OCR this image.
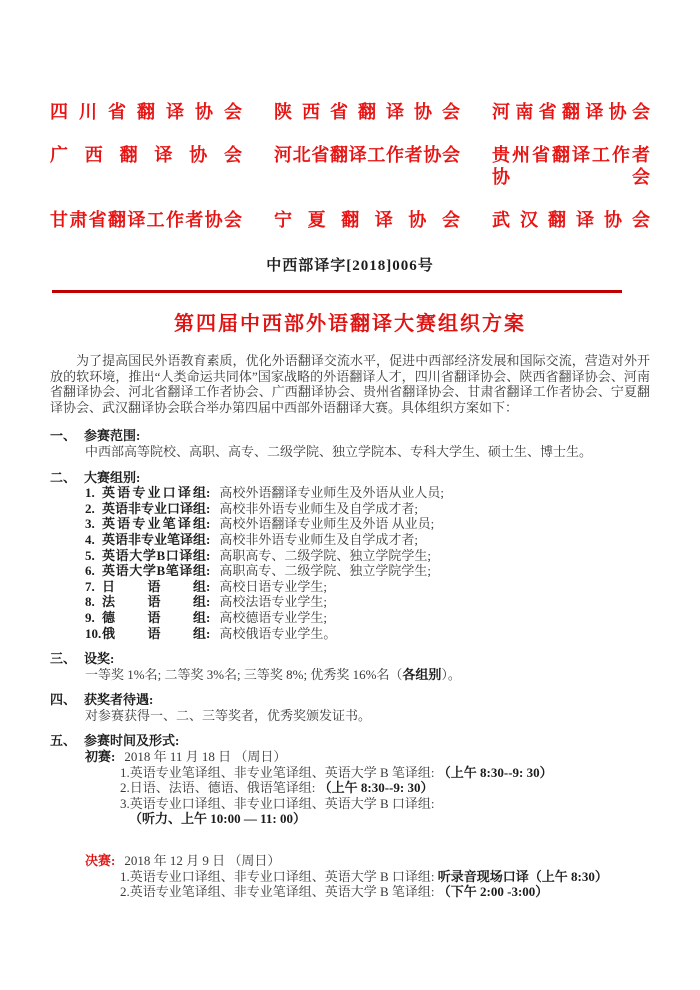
四川省翻译协会 陕西省翻译协会 河南省翻译协会
广西翻译协会 河北省翻译工作者协会 贵州省翻译工作者协会
甘肃省翻译工作者协会 宁夏翻译协会 武汉翻译协会
中西部译字[2018]006号
第四届中西部外语翻译大赛组织方案

为了提高国民外语教育素质，优化外语翻译交流水平，促进中西部经济发展和国际交流，营造对外开放的软环境，推出“人类命运共同体”国家战略的外语翻译人才，四川省翻译协会、陕西省翻译协会、河南省翻译协会、河北省翻译工作者协会、广西翻译协会、贵州省翻译协会、甘肃省翻译工作者协会、宁夏翻译协会、武汉翻译协会联合举办第四届中西部外语翻译大赛。具体组织方案如下：

一、 参赛范围:
中西部高等院校、高职、高专、二级学院、独立学院本、专科大学生、硕士生、博士生。
二、 大赛组别:
1. 英语专业口译组: 高校外语翻译专业师生及外语从业人员;
2. 英语非专业口译组: 高校非外语专业师生及自学成才者;
3. 英语专业笔译组: 高校外语翻译专业师生及外语 从业员;
4. 英语非专业笔译组: 高校非外语专业师生及自学成才者;
5. 英语大学B口译组: 高职高专、二级学院、独立学院学生;
6. 英语大学B笔译组: 高职高专、二级学院、独立学院学生;
7. 日语组: 高校日语专业学生;
8. 法语组: 高校法语专业学生;
9. 德语组: 高校德语专业学生;
10.俄语组: 高校俄语专业学生。
三、 设奖:
一等奖 1%名; 二等奖 3%名; 三等奖 8%; 优秀奖 16%名（各组别）。
四、 获奖者待遇:
对参赛获得一、二、三等奖者，优秀奖颁发证书。
五、 参赛时间及形式:
初赛: 2018 年 11 月 18 日 （周日）
1.英语专业笔译组、非专业笔译组、英语大学 B 笔译组: （上午 8:30--9: 30）
2.日语、法语、德语、俄语笔译组: （上午 8:30--9: 30）
3.英语专业口译组、非专业口译组、英语大学 B 口译组:
（听力、上午 10:00 — 11: 00）
决赛: 2018 年 12 月 9 日 （周日）
1.英语专业口译组、非专业口译组、英语大学 B 口译组: 听录音现场口译（上午 8:30）
2.英语专业笔译组、非专业笔译组、英语大学 B 笔译组: （下午 2:00 -3:00）
